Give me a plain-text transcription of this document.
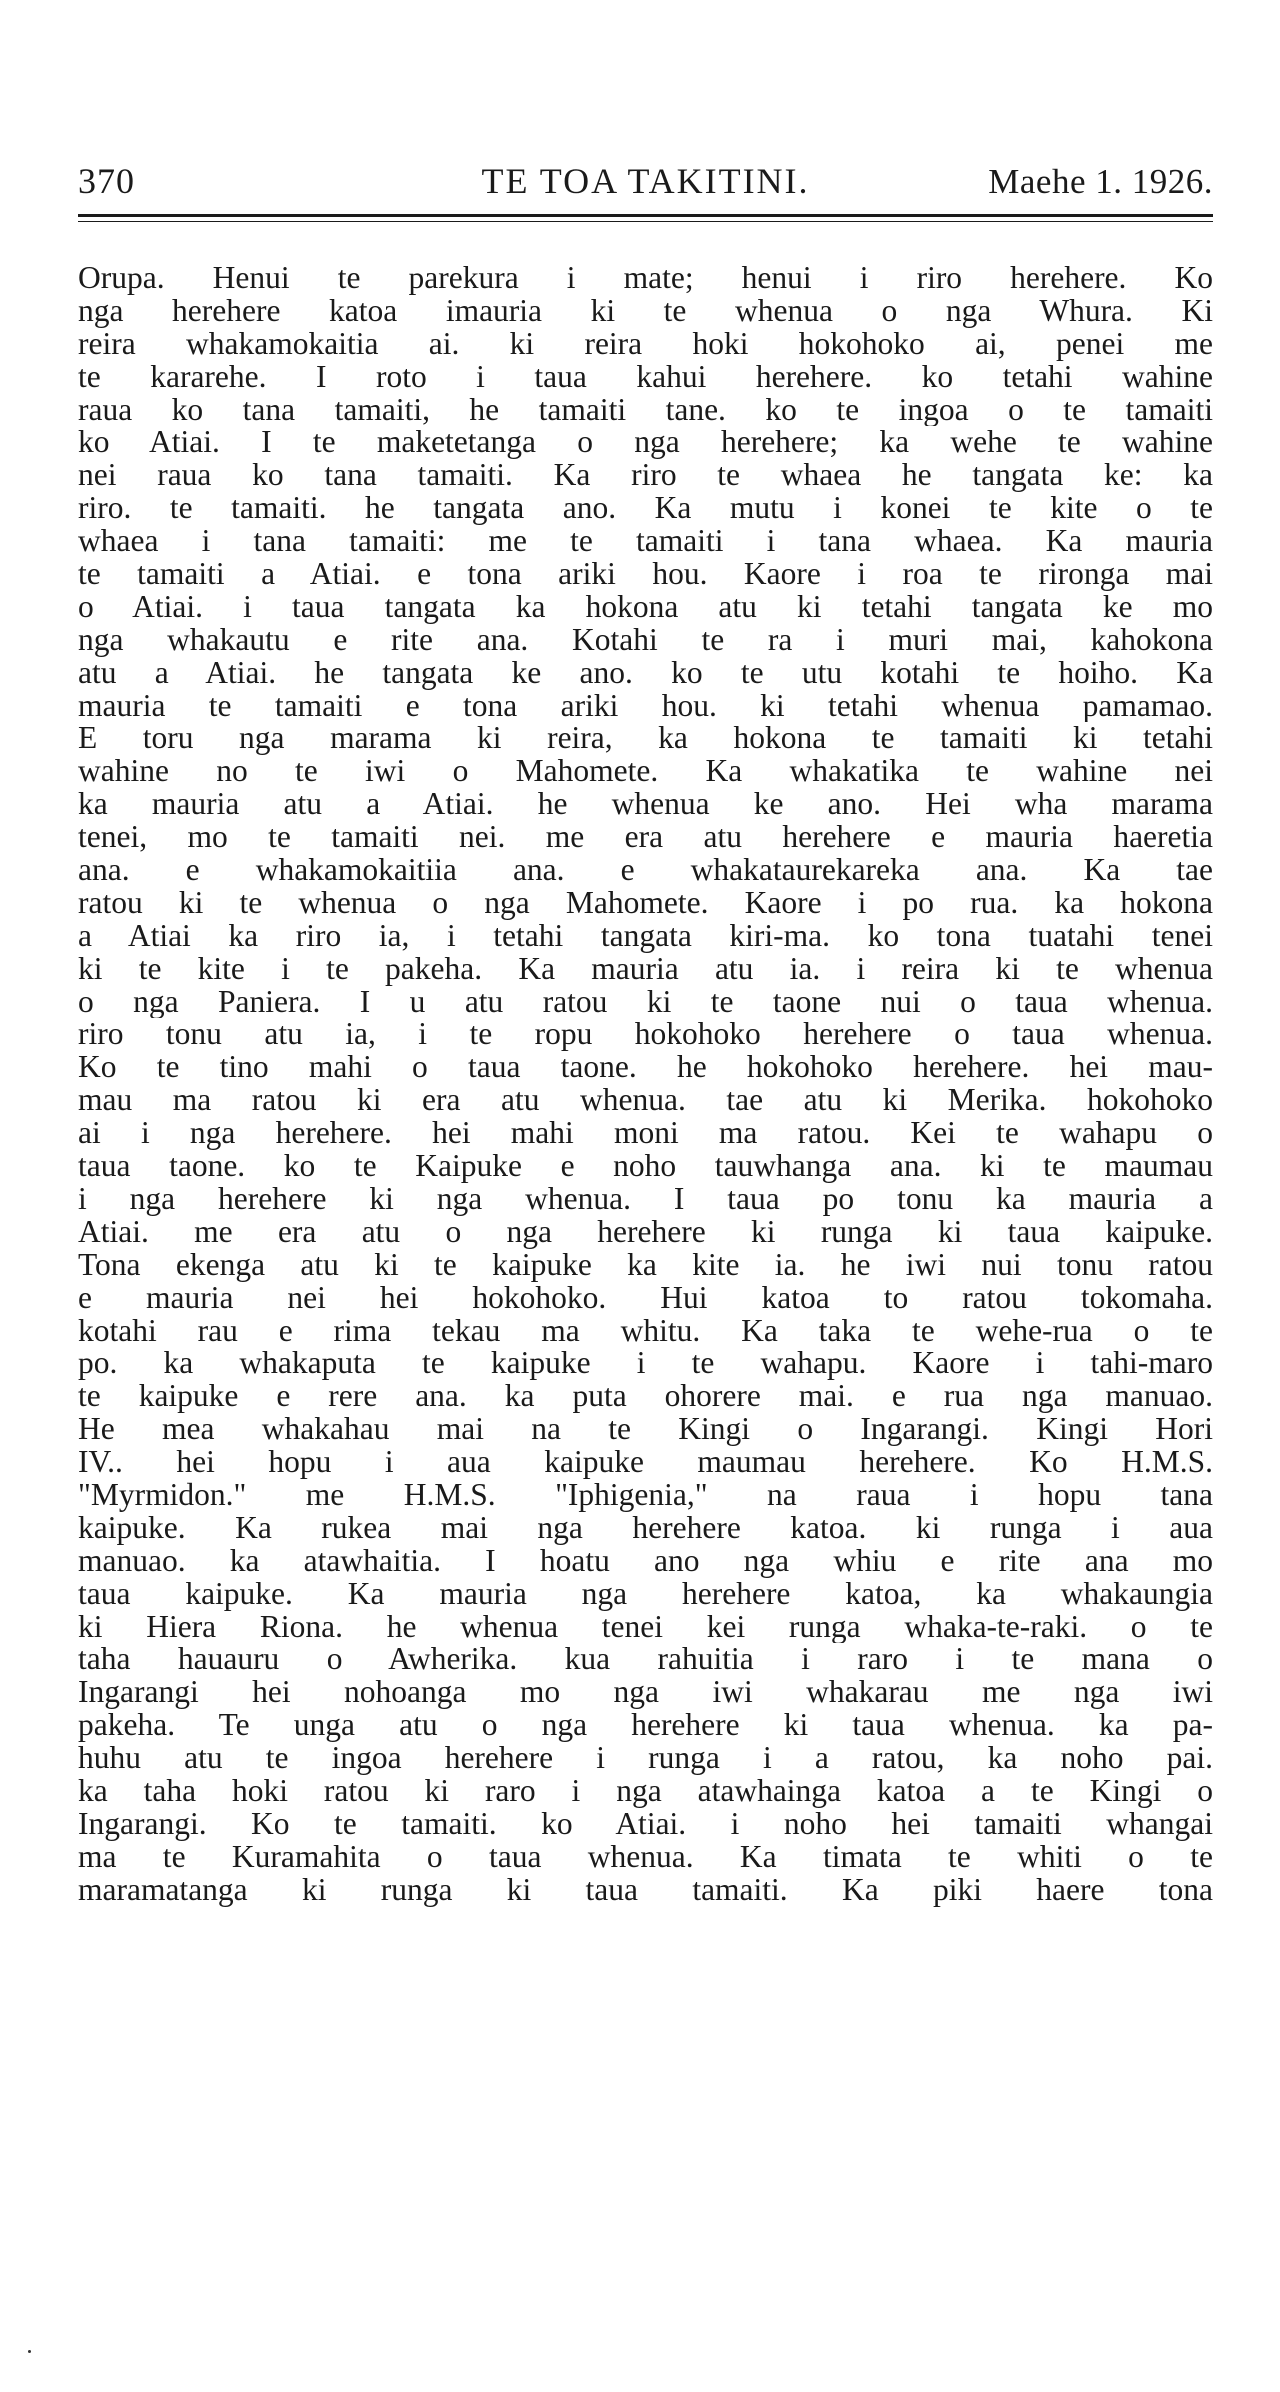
370	TE TOA TAKITINI.	Maehe 1. 1926.
Orupa. Henui te parekura i mate; henui i riro herehere. Ko
nga herehere katoa imauria ki te whenua o nga Whura. Ki
reira whakamokaitia ai. ki reira hoki hokohoko ai, penei me
te kararehe. I roto i taua kahui herehere. ko tetahi wahine
raua ko tana tamaiti, he tamaiti tane. ko te ingoa o te tamaiti
ko Atiai. I te maketetanga o nga herehere; ka wehe te wahine
nei raua ko tana tamaiti. Ka riro te whaea he tangata ke: ka
riro. te tamaiti. he tangata ano. Ka mutu i konei te kite o te
whaea i tana tamaiti: me te tamaiti i tana whaea. Ka mauria
te tamaiti a Atiai. e tona ariki hou. Kaore i roa te rironga mai
o Atiai. i taua tangata ka hokona atu ki tetahi tangata ke mo
nga whakautu e rite ana. Kotahi te ra i muri mai, kahokona
atu a Atiai. he tangata ke ano. ko te utu kotahi te hoiho. Ka
mauria te tamaiti e tona ariki hou. ki tetahi whenua pamamao.
E toru nga marama ki reira, ka hokona te tamaiti ki tetahi
wahine no te iwi o Mahomete. Ka whakatika te wahine nei
ka mauria atu a Atiai. he whenua ke ano. Hei wha marama
tenei, mo te tamaiti nei. me era atu herehere e mauria haeretia
ana. e whakamokaitiia ana. e whakataurekareka ana. Ka tae
ratou ki te whenua o nga Mahomete. Kaore i po rua. ka hokona
a Atiai ka riro ia, i tetahi tangata kiri-ma. ko tona tuatahi tenei
ki te kite i te pakeha. Ka mauria atu ia. i reira ki te whenua
o nga Paniera. I u atu ratou ki te taone nui o taua whenua.
riro tonu atu ia, i te ropu hokohoko herehere o taua whenua.
Ko te tino mahi o taua taone. he hokohoko herehere. hei mau-
mau ma ratou ki era atu whenua. tae atu ki Merika. hokohoko
ai i nga herehere. hei mahi moni ma ratou. Kei te wahapu o
taua taone. ko te Kaipuke e noho tauwhanga ana. ki te maumau
i nga herehere ki nga whenua. I taua po tonu ka mauria a
Atiai. me era atu o nga herehere ki runga ki taua kaipuke.
Tona ekenga atu ki te kaipuke ka kite ia. he iwi nui tonu ratou
e mauria nei hei hokohoko. Hui katoa to ratou tokomaha.
kotahi rau e rima tekau ma whitu. Ka taka te wehe-rua o te
po. ka whakaputa te kaipuke i te wahapu. Kaore i tahi-maro
te kaipuke e rere ana. ka puta ohorere mai. e rua nga manuao.
He mea whakahau mai na te Kingi o Ingarangi. Kingi Hori
IV.. hei hopu i aua kaipuke maumau herehere. Ko H.M.S.
"Myrmidon." me H.M.S. "Iphigenia," na raua i hopu tana
kaipuke. Ka rukea mai nga herehere katoa. ki runga i aua
manuao. ka atawhaitia. I hoatu ano nga whiu e rite ana mo
taua kaipuke. Ka mauria nga herehere katoa, ka whakaungia
ki Hiera Riona. he whenua tenei kei runga whaka-te-raki. o te
taha hauauru o Awherika. kua rahuitia i raro i te mana o
Ingarangi hei nohoanga mo nga iwi whakarau me nga iwi
pakeha. Te unga atu o nga herehere ki taua whenua. ka pa-
huhu atu te ingoa herehere i runga i a ratou, ka noho pai.
ka taha hoki ratou ki raro i nga atawhainga katoa a te Kingi o
Ingarangi. Ko te tamaiti. ko Atiai. i noho hei tamaiti whangai
ma te Kuramahita o taua whenua. Ka timata te whiti o te
maramatanga ki runga ki taua tamaiti. Ka piki haere tona
